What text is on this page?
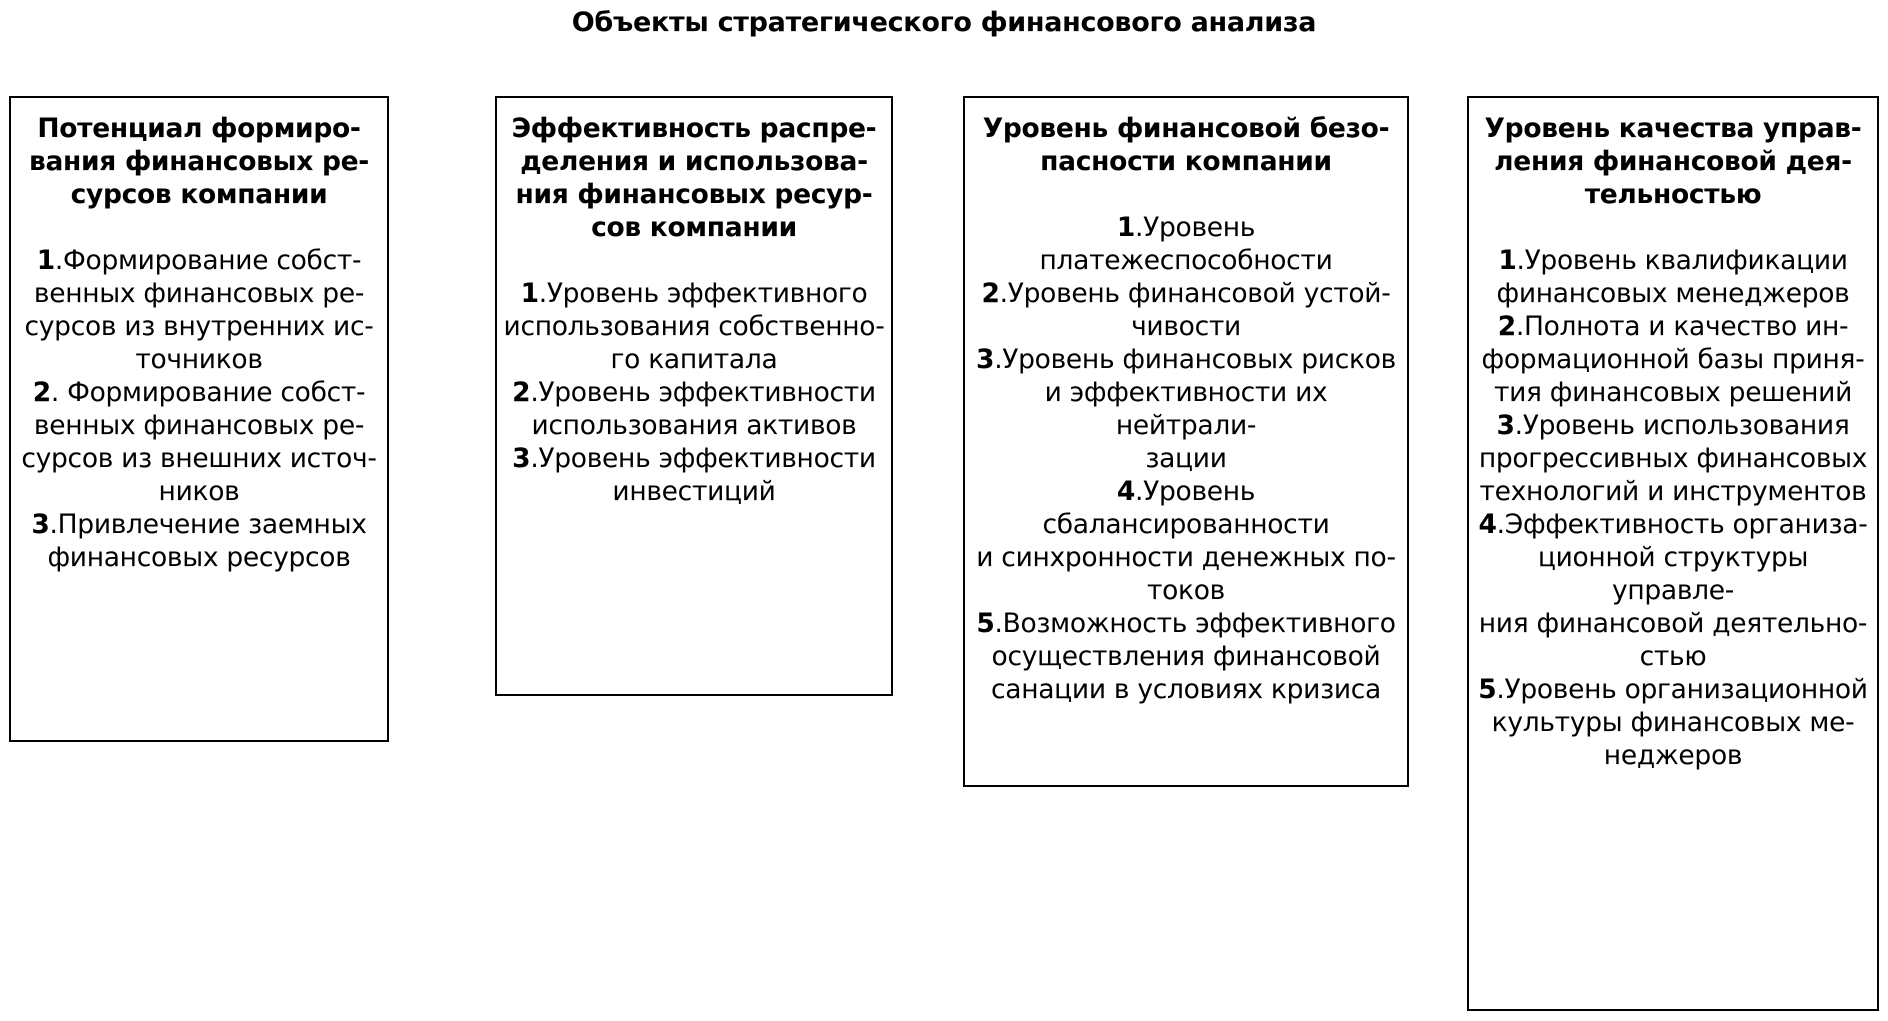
Объекты стратегического финансового анализа
Потенциал формиро-
вания финансовых ре-
сурсов компании
1.Формирование собст-
венных финансовых ре-
сурсов из внутренних ис-
точников
2. Формирование собст-
венных финансовых ре-
сурсов из внешних источ-
ников
3.Привлечение заемных
финансовых ресурсов
Эффективность распре-
деления и использова-
ния финансовых ресур-
сов компании
1.Уровень эффективного
использования собственно-
го капитала
2.Уровень эффективности
использования активов
3.Уровень эффективности
инвестиций
Уровень финансовой безо-
пасности компании
1.Уровень платежеспособности
2.Уровень финансовой устой-
чивости
3.Уровень финансовых рисков
и эффективности их нейтрали-
зации
4.Уровень сбалансированности
и синхронности денежных по-
токов
5.Возможность эффективного
осуществления финансовой
санации в условиях кризиса
Уровень качества управ-
ления финансовой дея-
тельностью
1.Уровень квалификации
финансовых менеджеров
2.Полнота и качество ин-
формационной базы приня-
тия финансовых решений
3.Уровень использования
прогрессивных финансовых
технологий и инструментов
4.Эффективность организа-
ционной структуры управле-
ния финансовой деятельно-
стью
5.Уровень организационной
культуры финансовых ме-
неджеров
